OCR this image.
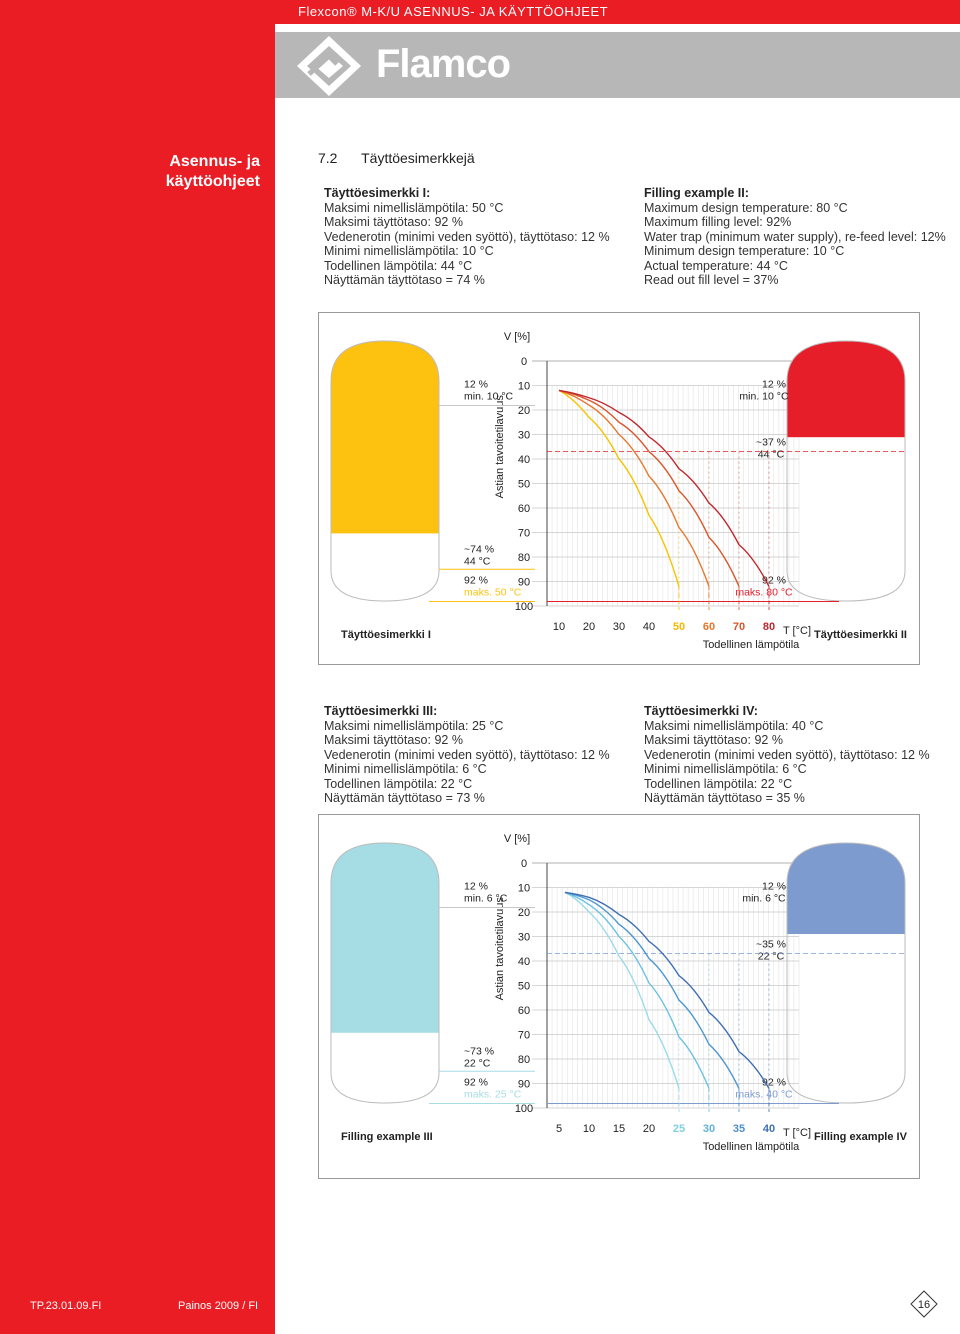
Flexcon® M-K/U ASENNUS- JA KÄYTTÖOHJEET
Flamco
Asennus- ja
käyttöohjeet
7.2 Täyttöesimerkkejä
Täyttöesimerkki I:
Maksimi nimellislämpötila: 50 °C
Maksimi täyttötaso: 92 %
Vedenerotin (minimi veden syöttö), täyttötaso: 12 %
Minimi nimellislämpötila: 10 °C
Todellinen lämpötila: 44 °C
Näyttämän täyttötaso = 74 %
Filling example II:
Maximum design temperature: 80 °C
Maximum filling level: 92%
Water trap (minimum water supply), re-feed level: 12%
Minimum design temperature: 10 °C
Actual temperature: 44 °C
Read out fill level = 37%
V [%]
Astian tavoitetilavuus
0
10
20
30
40
50
60
70
80
90
100
12 %
min. 10 °C
~74 %
44 °C
92 %
maks. 50 °C
12 %
min. 10 °C
~37 %
44 °C
92 %
maks. 80 °C
10 20 30 40 50 60 70 80 T [°C]
Todellinen lämpötila
Täyttöesimerkki I	Täyttöesimerkki II
Täyttöesimerkki III:
Maksimi nimellislämpötila: 25 °C
Maksimi täyttötaso: 92 %
Vedenerotin (minimi veden syöttö), täyttötaso: 12 %
Minimi nimellislämpötila: 6 °C
Todellinen lämpötila: 22 °C
Näyttämän täyttötaso = 73 %
Täyttöesimerkki IV:
Maksimi nimellislämpötila: 40 °C
Maksimi täyttötaso: 92 %
Vedenerotin (minimi veden syöttö), täyttötaso: 12 %
Minimi nimellislämpötila: 6 °C
Todellinen lämpötila: 22 °C
Näyttämän täyttötaso = 35 %
V [%]
Astian tavoitetilavuus
0
10
20
30
40
50
60
70
80
90
100
12 %
min. 6 °C
~73 %
22 °C
92 %
maks. 25 °C
12 %
min. 6 °C
~35 %
22 °C
92 %
maks. 40 °C
5 10 15 20 25 30 35 40 T [°C]
Todellinen lämpötila
Filling example III	Filling example IV
TP.23.01.09.FI	Painos 2009 / FI	16
